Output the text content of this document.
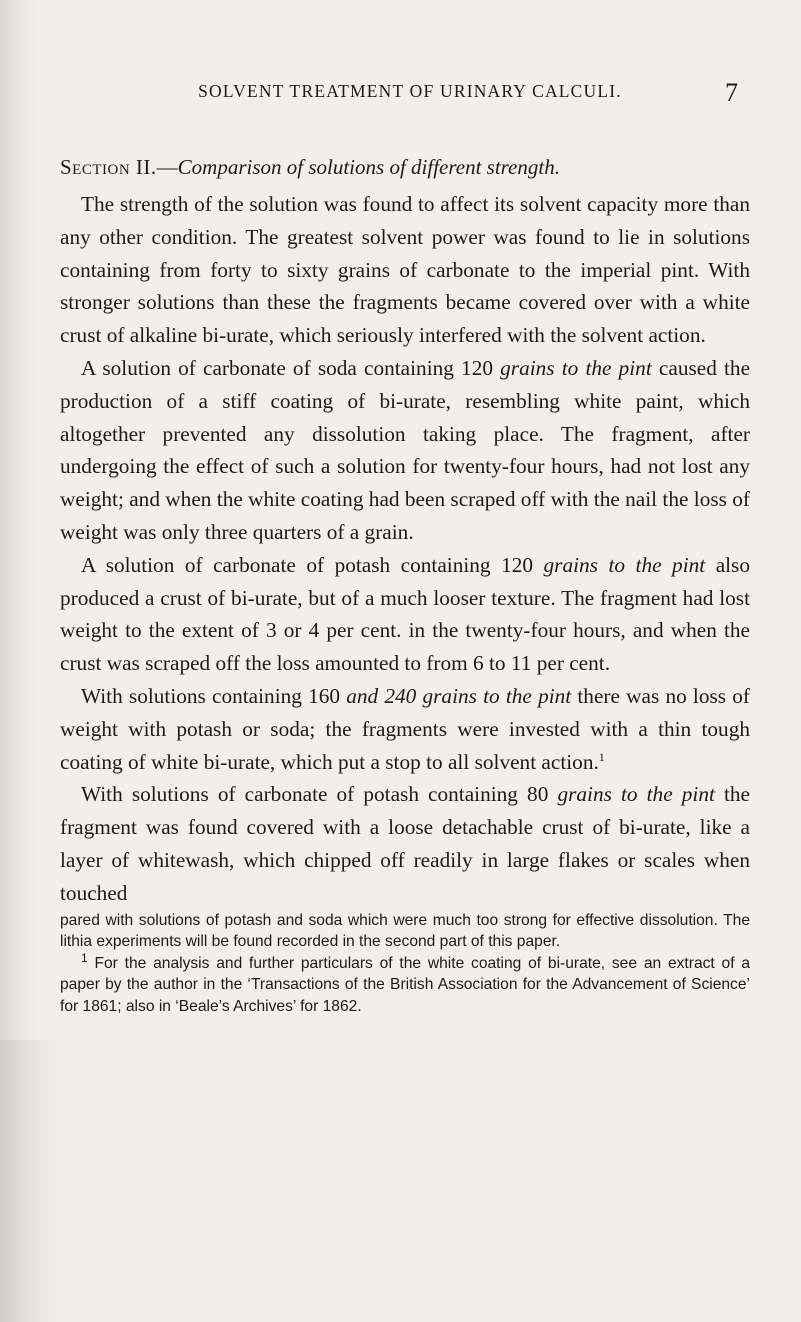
SOLVENT TREATMENT OF URINARY CALCULI.	7

Section II.—Comparison of solutions of different strength.

The strength of the solution was found to affect its solvent capacity more than any other condition. The greatest solvent power was found to lie in solutions containing from forty to sixty grains of carbonate to the imperial pint. With stronger solutions than these the fragments became covered over with a white crust of alkaline bi-urate, which seriously interfered with the solvent action.

A solution of carbonate of soda containing 120 grains to the pint caused the production of a stiff coating of bi-urate, resembling white paint, which altogether prevented any dissolution taking place. The fragment, after undergoing the effect of such a solution for twenty-four hours, had not lost any weight; and when the white coating had been scraped off with the nail the loss of weight was only three quarters of a grain.

A solution of carbonate of potash containing 120 grains to the pint also produced a crust of bi-urate, but of a much looser texture. The fragment had lost weight to the extent of 3 or 4 per cent. in the twenty-four hours, and when the crust was scraped off the loss amounted to from 6 to 11 per cent.

With solutions containing 160 and 240 grains to the pint there was no loss of weight with potash or soda; the fragments were invested with a thin tough coating of white bi-urate, which put a stop to all solvent action.$^1$

With solutions of carbonate of potash containing 80 grains to the pint the fragment was found covered with a loose detachable crust of bi-urate, like a layer of whitewash, which chipped off readily in large flakes or scales when touched

pared with solutions of potash and soda which were much too strong for effective dissolution. The lithia experiments will be found recorded in the second part of this paper.

$^1$ For the analysis and further particulars of the white coating of bi-urate, see an extract of a paper by the author in the ‘Transactions of the British Association for the Advancement of Science’ for 1861; also in ‘Beale’s Archives’ for 1862.
